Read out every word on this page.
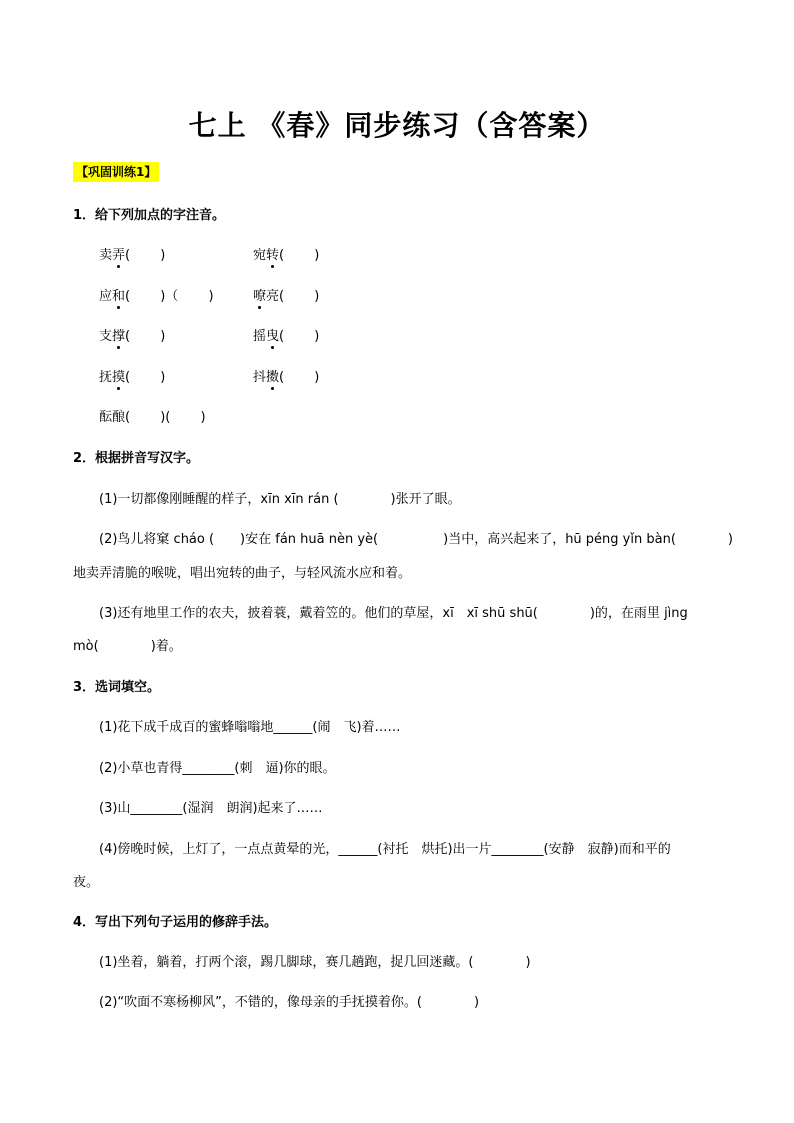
七上 《春》同步练习（含答案）
【巩固训练1】
1．给下列加点的字注音。
卖弄(　 　)	宛转(　 　)
应和(　 　)（　 　)	嘹亮(　 　)
支撑(　 　)	摇曳(　 　)
抚摸(　 　)	抖擞(　 　)
酝酿(　 　)(　 　)
2．根据拼音写汉字。
(1)一切都像刚睡醒的样子，xīn xīn rán (　　　　)张开了眼。
(2)鸟儿将窠 cháo (　　)安在 fán huā nèn yè(　　　　　)当中，高兴起来了，hū péng yǐn bàn(　　　　)
地卖弄清脆的喉咙，唱出宛转的曲子，与轻风流水应和着。
(3)还有地里工作的农夫，披着蓑，戴着笠的。他们的草屋，xī　xī shū shū(　　　　)的，在雨里 jìng
mò(　　　　)着。
3．选词填空。
(1)花下成千成百的蜜蜂嗡嗡地______(闹　飞)着……
(2)小草也青得________(刺　逼)你的眼。
(3)山________(湿润　朗润)起来了……
(4)傍晚时候，上灯了，一点点黄晕的光，______(衬托　烘托)出一片________(安静　寂静)而和平的
夜。
4．写出下列句子运用的修辞手法。
(1)坐着，躺着，打两个滚，踢几脚球，赛几趟跑，捉几回迷藏。(　　　　)
(2)“吹面不寒杨柳风”，不错的，像母亲的手抚摸着你。(　　　　)
